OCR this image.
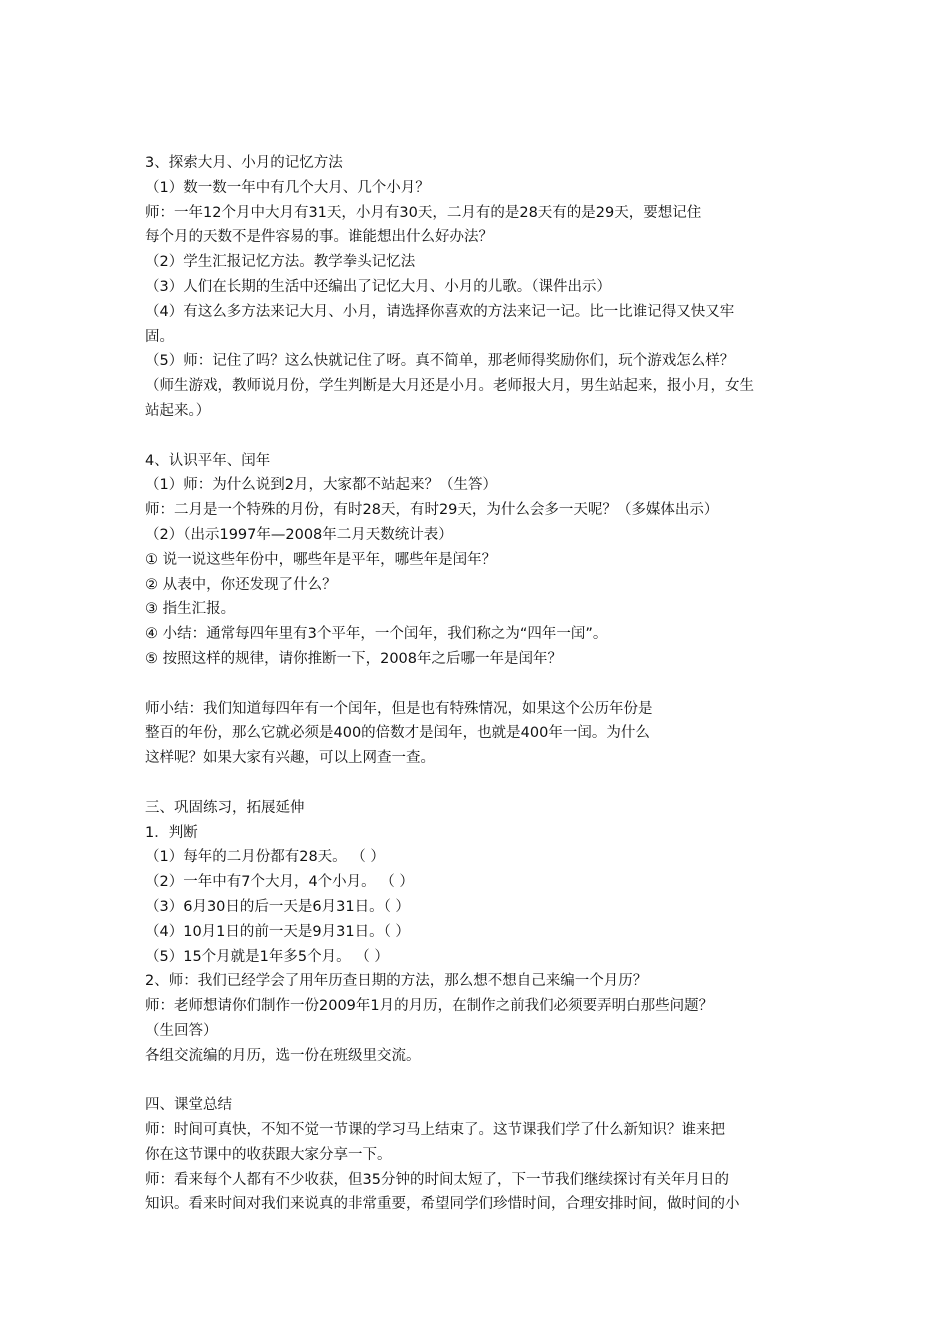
3、探索大月、小月的记忆方法
（1）数一数一年中有几个大月、几个小月？
师：一年12个月中大月有31天，小月有30天，二月有的是28天有的是29天，要想记住
每个月的天数不是件容易的事。谁能想出什么好办法？
（2）学生汇报记忆方法。教学拳头记忆法
（3）人们在长期的生活中还编出了记忆大月、小月的儿歌。（课件出示）
（4）有这么多方法来记大月、小月，请选择你喜欢的方法来记一记。比一比谁记得又快又牢
固。
（5）师：记住了吗？这么快就记住了呀。真不简单，那老师得奖励你们，玩个游戏怎么样？
（师生游戏，教师说月份，学生判断是大月还是小月。老师报大月，男生站起来，报小月，女生
站起来。）
4、认识平年、闰年
（1）师：为什么说到2月，大家都不站起来？（生答）
师：二月是一个特殊的月份，有时28天，有时29天，为什么会多一天呢？（多媒体出示）
（2）（出示1997年—2008年二月天数统计表）
① 说一说这些年份中，哪些年是平年，哪些年是闰年？
② 从表中，你还发现了什么？
③ 指生汇报。
④ 小结：通常每四年里有3个平年，一个闰年，我们称之为“四年一闰”。
⑤ 按照这样的规律，请你推断一下，2008年之后哪一年是闰年？
师小结：我们知道每四年有一个闰年，但是也有特殊情况，如果这个公历年份是
整百的年份，那么它就必须是400的倍数才是闰年，也就是400年一闰。为什么
这样呢？如果大家有兴趣，可以上网查一查。
三、巩固练习，拓展延伸
1．判断
（1）每年的二月份都有28天。 （ ）
（2）一年中有7个大月，4个小月。 （ ）
（3）6月30日的后一天是6月31日。（ ）
（4）10月1日的前一天是9月31日。（ ）
（5）15个月就是1年多5个月。 （ ）
2、师：我们已经学会了用年历查日期的方法，那么想不想自己来编一个月历？
师：老师想请你们制作一份2009年1月的月历，在制作之前我们必须要弄明白那些问题？
（生回答）
各组交流编的月历，选一份在班级里交流。
四、课堂总结
师：时间可真快，不知不觉一节课的学习马上结束了。这节课我们学了什么新知识？谁来把
你在这节课中的收获跟大家分享一下。
师：看来每个人都有不少收获，但35分钟的时间太短了，下一节我们继续探讨有关年月日的
知识。看来时间对我们来说真的非常重要，希望同学们珍惜时间，合理安排时间，做时间的小
